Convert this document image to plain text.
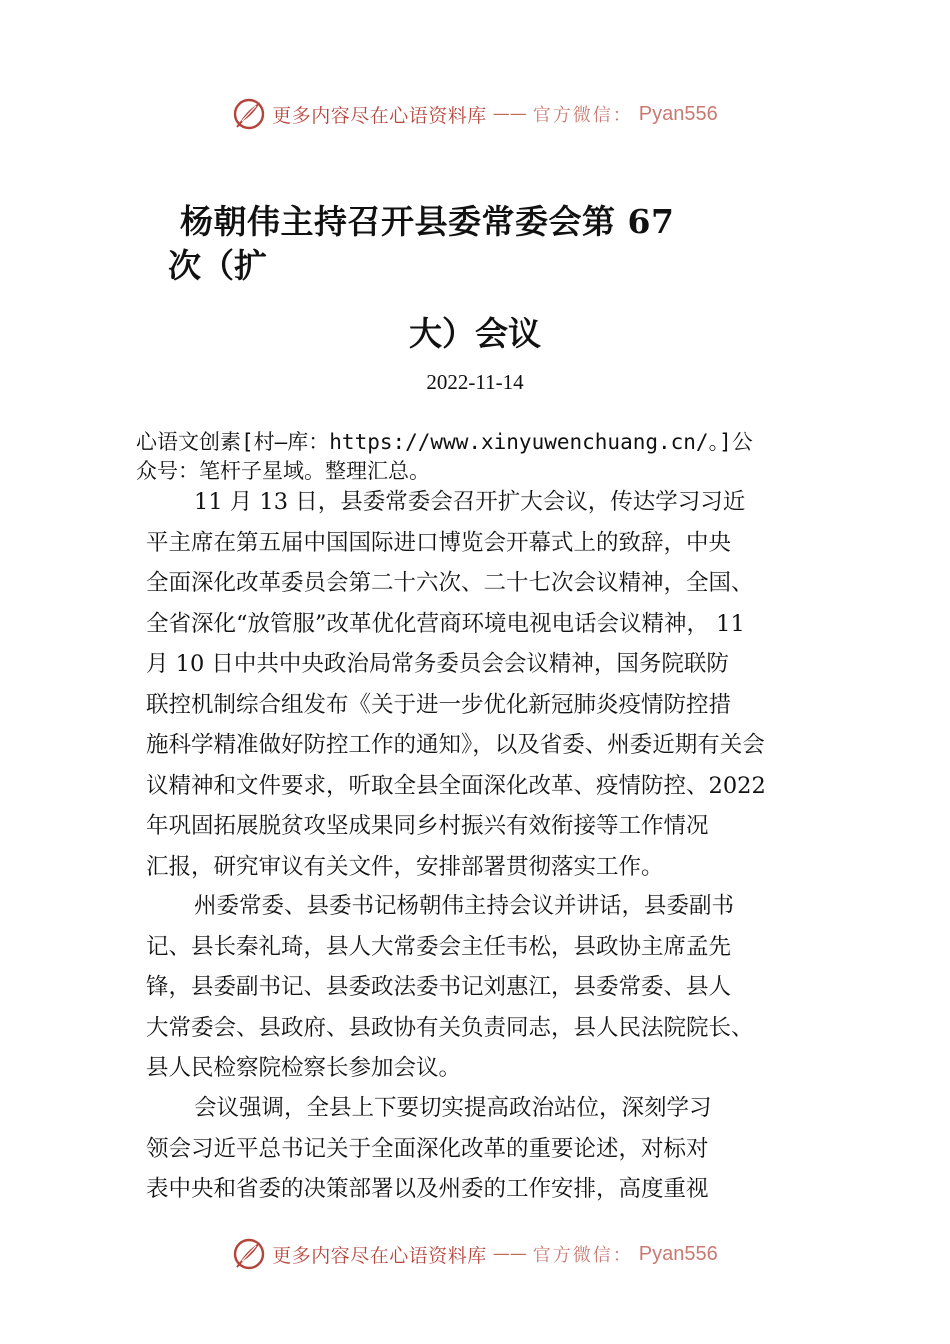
更多内容尽在心语资料库 —— 官方微信： Pyan556
杨朝伟主持召开县委常委会第 67
次（扩
大）会议
2022-11-14
心语文创素[村—库：https://www.xinyuwenchuang.cn/。]公
众号：笔杆子星域。整理汇总。
11 月 13 日，县委常委会召开扩大会议，传达学习习近
平主席在第五届中国国际进口博览会开幕式上的致辞，中央
全面深化改革委员会第二十六次、二十七次会议精神，全国、
全省深化“放管服”改革优化营商环境电视电话会议精神， 11
月 10 日中共中央政治局常务委员会会议精神，国务院联防
联控机制综合组发布《关于进一步优化新冠肺炎疫情防控措
施科学精准做好防控工作的通知》，以及省委、州委近期有关会
议精神和文件要求，听取全县全面深化改革、疫情防控、2022
年巩固拓展脱贫攻坚成果同乡村振兴有效衔接等工作情况
汇报，研究审议有关文件，安排部署贯彻落实工作。
州委常委、县委书记杨朝伟主持会议并讲话，县委副书
记、县长秦礼琦，县人大常委会主任韦松，县政协主席孟先
锋，县委副书记、县委政法委书记刘惠江，县委常委、县人
大常委会、县政府、县政协有关负责同志，县人民法院院长、
县人民检察院检察长参加会议。
会议强调，全县上下要切实提高政治站位，深刻学习
领会习近平总书记关于全面深化改革的重要论述，对标对
表中央和省委的决策部署以及州委的工作安排，高度重视
更多内容尽在心语资料库 —— 官方微信： Pyan556
